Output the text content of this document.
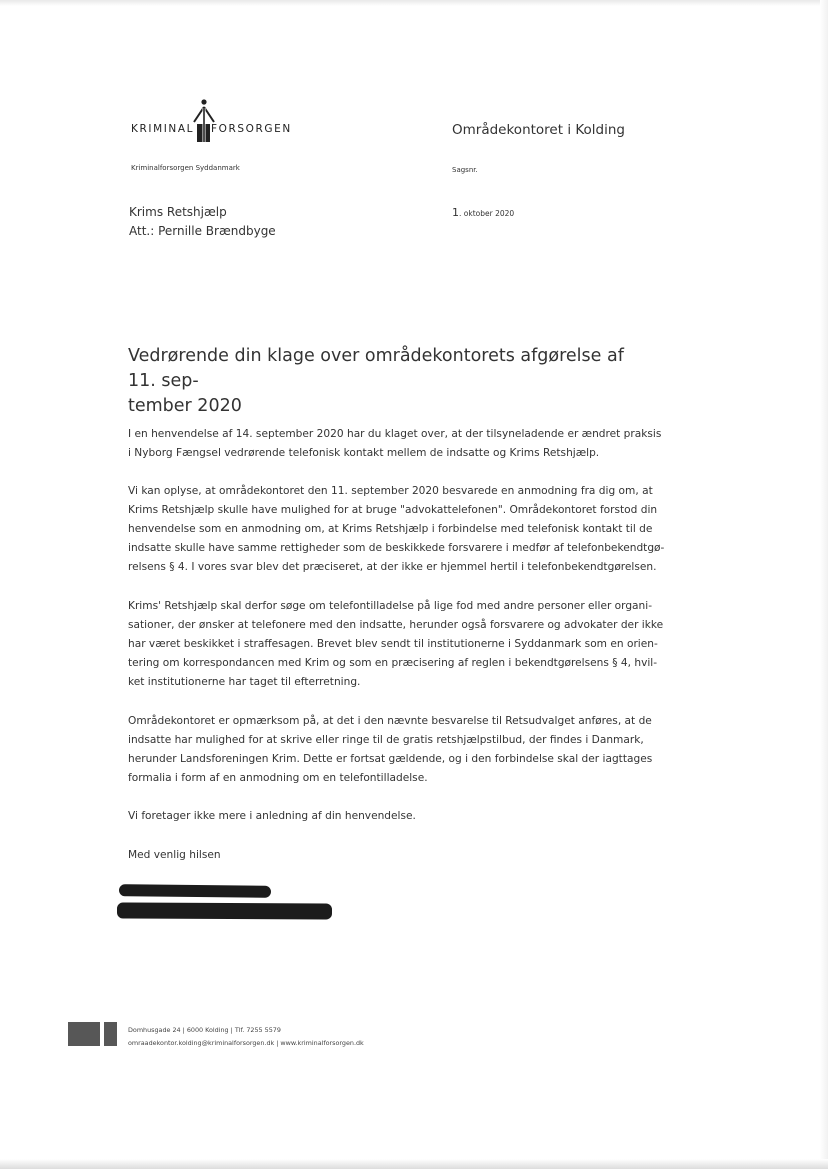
KRIMINAL FORSORGEN
Kriminalforsorgen Syddanmark
Områdekontoret i Kolding
Sagsnr.
1. oktober 2020
Krims Retshjælp
Att.: Pernille Brændbyge
Vedrørende din klage over områdekontorets afgørelse af 11. sep-
tember 2020
I en henvendelse af 14. september 2020 har du klaget over, at der tilsyneladende er ændret praksis
i Nyborg Fængsel vedrørende telefonisk kontakt mellem de indsatte og Krims Retshjælp.
Vi kan oplyse, at områdekontoret den 11. september 2020 besvarede en anmodning fra dig om, at
Krims Retshjælp skulle have mulighed for at bruge "advokattelefonen". Områdekontoret forstod din
henvendelse som en anmodning om, at Krims Retshjælp i forbindelse med telefonisk kontakt til de
indsatte skulle have samme rettigheder som de beskikkede forsvarere i medfør af telefonbekendtgø-
relsens § 4. I vores svar blev det præciseret, at der ikke er hjemmel hertil i telefonbekendtgørelsen.
Krims' Retshjælp skal derfor søge om telefontilladelse på lige fod med andre personer eller organi-
sationer, der ønsker at telefonere med den indsatte, herunder også forsvarere og advokater der ikke
har været beskikket i straffesagen. Brevet blev sendt til institutionerne i Syddanmark som en orien-
tering om korrespondancen med Krim og som en præcisering af reglen i bekendtgørelsens § 4, hvil-
ket institutionerne har taget til efterretning.
Områdekontoret er opmærksom på, at det i den nævnte besvarelse til Retsudvalget anføres, at de
indsatte har mulighed for at skrive eller ringe til de gratis retshjælpstilbud, der findes i Danmark,
herunder Landsforeningen Krim. Dette er fortsat gældende, og i den forbindelse skal der iagttages
formalia i form af en anmodning om en telefontilladelse.
Vi foretager ikke mere i anledning af din henvendelse.
Med venlig hilsen
Domhusgade 24 | 6000 Kolding | Tlf. 7255 5579
omraadekontor.kolding@kriminalforsorgen.dk | www.kriminalforsorgen.dk
